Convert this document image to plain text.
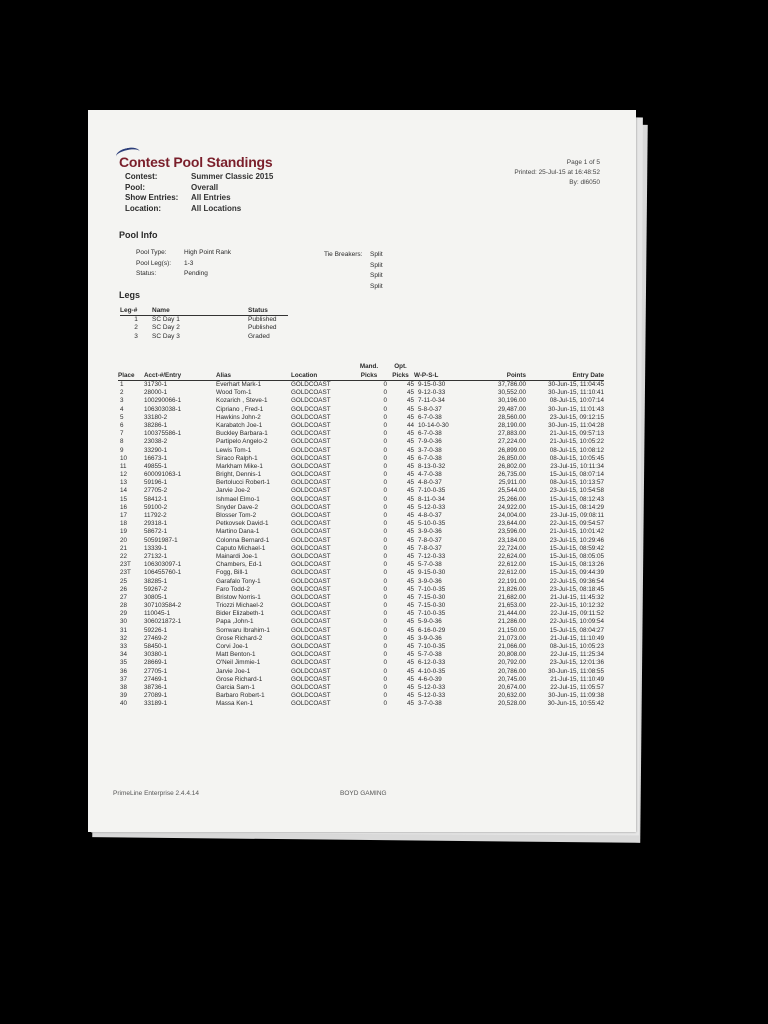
Contest Pool Standings
Contest:	Summer Classic 2015
Pool:	Overall
Show Entries:	All Entries
Location:	All Locations
Page 1 of 5
Printed: 25-Jul-15 at 16:48:52
By: dl6050
Pool Info
Pool Type:	High Point Rank
Pool Leg(s):	1-3
Status:	Pending
Tie Breakers:	Split
Split
Split
Split
Legs
Leg-#	Name	Status
1	SC Day 1	Published
2	SC Day 2	Published
3	SC Day 3	Graded
Place	Acct-#/Entry	Alias	Location	Mand. Picks	Opt. Picks	W-P-S-L	Points	Entry Date
1	31730-1	Everhart Mark-1	GOLDCOAST	0	45	9-15-0-30	37,786.00	30-Jun-15, 11:04:45
2	28000-1	Wood Tom-1	GOLDCOAST	0	45	9-12-0-33	30,552.00	30-Jun-15, 11:10:41
3	100290066-1	Kozarich , Steve-1	GOLDCOAST	0	45	7-11-0-34	30,196.00	08-Jul-15, 10:07:14
4	106303038-1	Cipriano , Fred-1	GOLDCOAST	0	45	5-8-0-37	29,487.00	30-Jun-15, 11:01:43
5	33180-2	Hawkins John-2	GOLDCOAST	0	45	6-7-0-38	28,560.00	23-Jul-15, 09:12:15
6	38286-1	Karabatch Joe-1	GOLDCOAST	0	44	10-14-0-30	28,190.00	30-Jun-15, 11:04:28
7	100375586-1	Buckley Barbara-1	GOLDCOAST	0	45	6-7-0-38	27,883.00	21-Jul-15, 09:57:13
8	23038-2	Partipelo Angelo-2	GOLDCOAST	0	45	7-9-0-36	27,224.00	21-Jul-15, 10:05:22
9	33290-1	Lewis Tom-1	GOLDCOAST	0	45	3-7-0-38	26,899.00	08-Jul-15, 10:08:12
10	16673-1	Siraco Ralph-1	GOLDCOAST	0	45	6-7-0-38	26,850.00	08-Jul-15, 10:05:45
11	49855-1	Markham Mike-1	GOLDCOAST	0	45	8-13-0-32	26,802.00	23-Jul-15, 10:11:34
12	600091063-1	Bright, Dennis-1	GOLDCOAST	0	45	4-7-0-38	26,735.00	15-Jul-15, 08:07:14
13	59196-1	Bertolucci Robert-1	GOLDCOAST	0	45	4-8-0-37	25,911.00	08-Jul-15, 10:13:57
14	27705-2	Jarvie Joe-2	GOLDCOAST	0	45	7-10-0-35	25,544.00	23-Jul-15, 10:54:58
15	58412-1	Ishmael Elmo-1	GOLDCOAST	0	45	8-11-0-34	25,266.00	15-Jul-15, 08:12:43
16	59100-2	Snyder Dave-2	GOLDCOAST	0	45	5-12-0-33	24,922.00	15-Jul-15, 08:14:29
17	11792-2	Blosser Tom-2	GOLDCOAST	0	45	4-8-0-37	24,004.00	23-Jul-15, 09:08:11
18	29318-1	Petkovsek David-1	GOLDCOAST	0	45	5-10-0-35	23,644.00	22-Jul-15, 09:54:57
19	58672-1	Martino Dana-1	GOLDCOAST	0	45	3-9-0-36	23,596.00	21-Jul-15, 10:01:42
20	50591987-1	Colonna Bernard-1	GOLDCOAST	0	45	7-8-0-37	23,184.00	23-Jul-15, 10:29:46
21	13339-1	Caputo Michael-1	GOLDCOAST	0	45	7-8-0-37	22,724.00	15-Jul-15, 08:59:42
22	27132-1	Mainardi Joe-1	GOLDCOAST	0	45	7-12-0-33	22,624.00	15-Jul-15, 08:05:05
23T	106303097-1	Chambers, Ed-1	GOLDCOAST	0	45	5-7-0-38	22,612.00	15-Jul-15, 08:13:26
23T	106455760-1	Fogg, Bill-1	GOLDCOAST	0	45	9-15-0-30	22,612.00	15-Jul-15, 09:44:39
25	38285-1	Garafalo Tony-1	GOLDCOAST	0	45	3-9-0-36	22,191.00	22-Jul-15, 09:36:54
26	59267-2	Faro Todd-2	GOLDCOAST	0	45	7-10-0-35	21,826.00	23-Jul-15, 08:18:45
27	30805-1	Bristow Norris-1	GOLDCOAST	0	45	7-15-0-30	21,682.00	21-Jul-15, 11:45:32
28	307103584-2	Triozzi Michael-2	GOLDCOAST	0	45	7-15-0-30	21,653.00	22-Jul-15, 10:12:32
29	110045-1	Bider Elizabeth-1	GOLDCOAST	0	45	7-10-0-35	21,444.00	22-Jul-15, 09:11:52
30	306021872-1	Papa ,John-1	GOLDCOAST	0	45	5-9-0-36	21,286.00	22-Jul-15, 10:09:54
31	59226-1	Sorrwaru Ibrahim-1	GOLDCOAST	0	45	6-16-0-29	21,150.00	15-Jul-15, 08:04:27
32	27469-2	Grose Richard-2	GOLDCOAST	0	45	3-9-0-36	21,073.00	21-Jul-15, 11:10:49
33	58450-1	Corvi Joe-1	GOLDCOAST	0	45	7-10-0-35	21,066.00	08-Jul-15, 10:05:23
34	30380-1	Matt Benton-1	GOLDCOAST	0	45	5-7-0-38	20,808.00	22-Jul-15, 11:25:34
35	28669-1	O'Neil Jimmie-1	GOLDCOAST	0	45	6-12-0-33	20,792.00	23-Jul-15, 12:01:36
36	27705-1	Jarvie Joe-1	GOLDCOAST	0	45	4-10-0-35	20,786.00	30-Jun-15, 11:08:55
37	27469-1	Grose Richard-1	GOLDCOAST	0	45	4-6-0-39	20,745.00	21-Jul-15, 11:10:49
38	38736-1	Garcia Sam-1	GOLDCOAST	0	45	5-12-0-33	20,674.00	22-Jul-15, 11:05:57
39	27089-1	Barbaro Robert-1	GOLDCOAST	0	45	5-12-0-33	20,632.00	30-Jun-15, 11:09:38
40	33189-1	Massa Ken-1	GOLDCOAST	0	45	3-7-0-38	20,528.00	30-Jun-15, 10:55:42
PrimeLine Enterprise 2.4.4.14	BOYD GAMING
